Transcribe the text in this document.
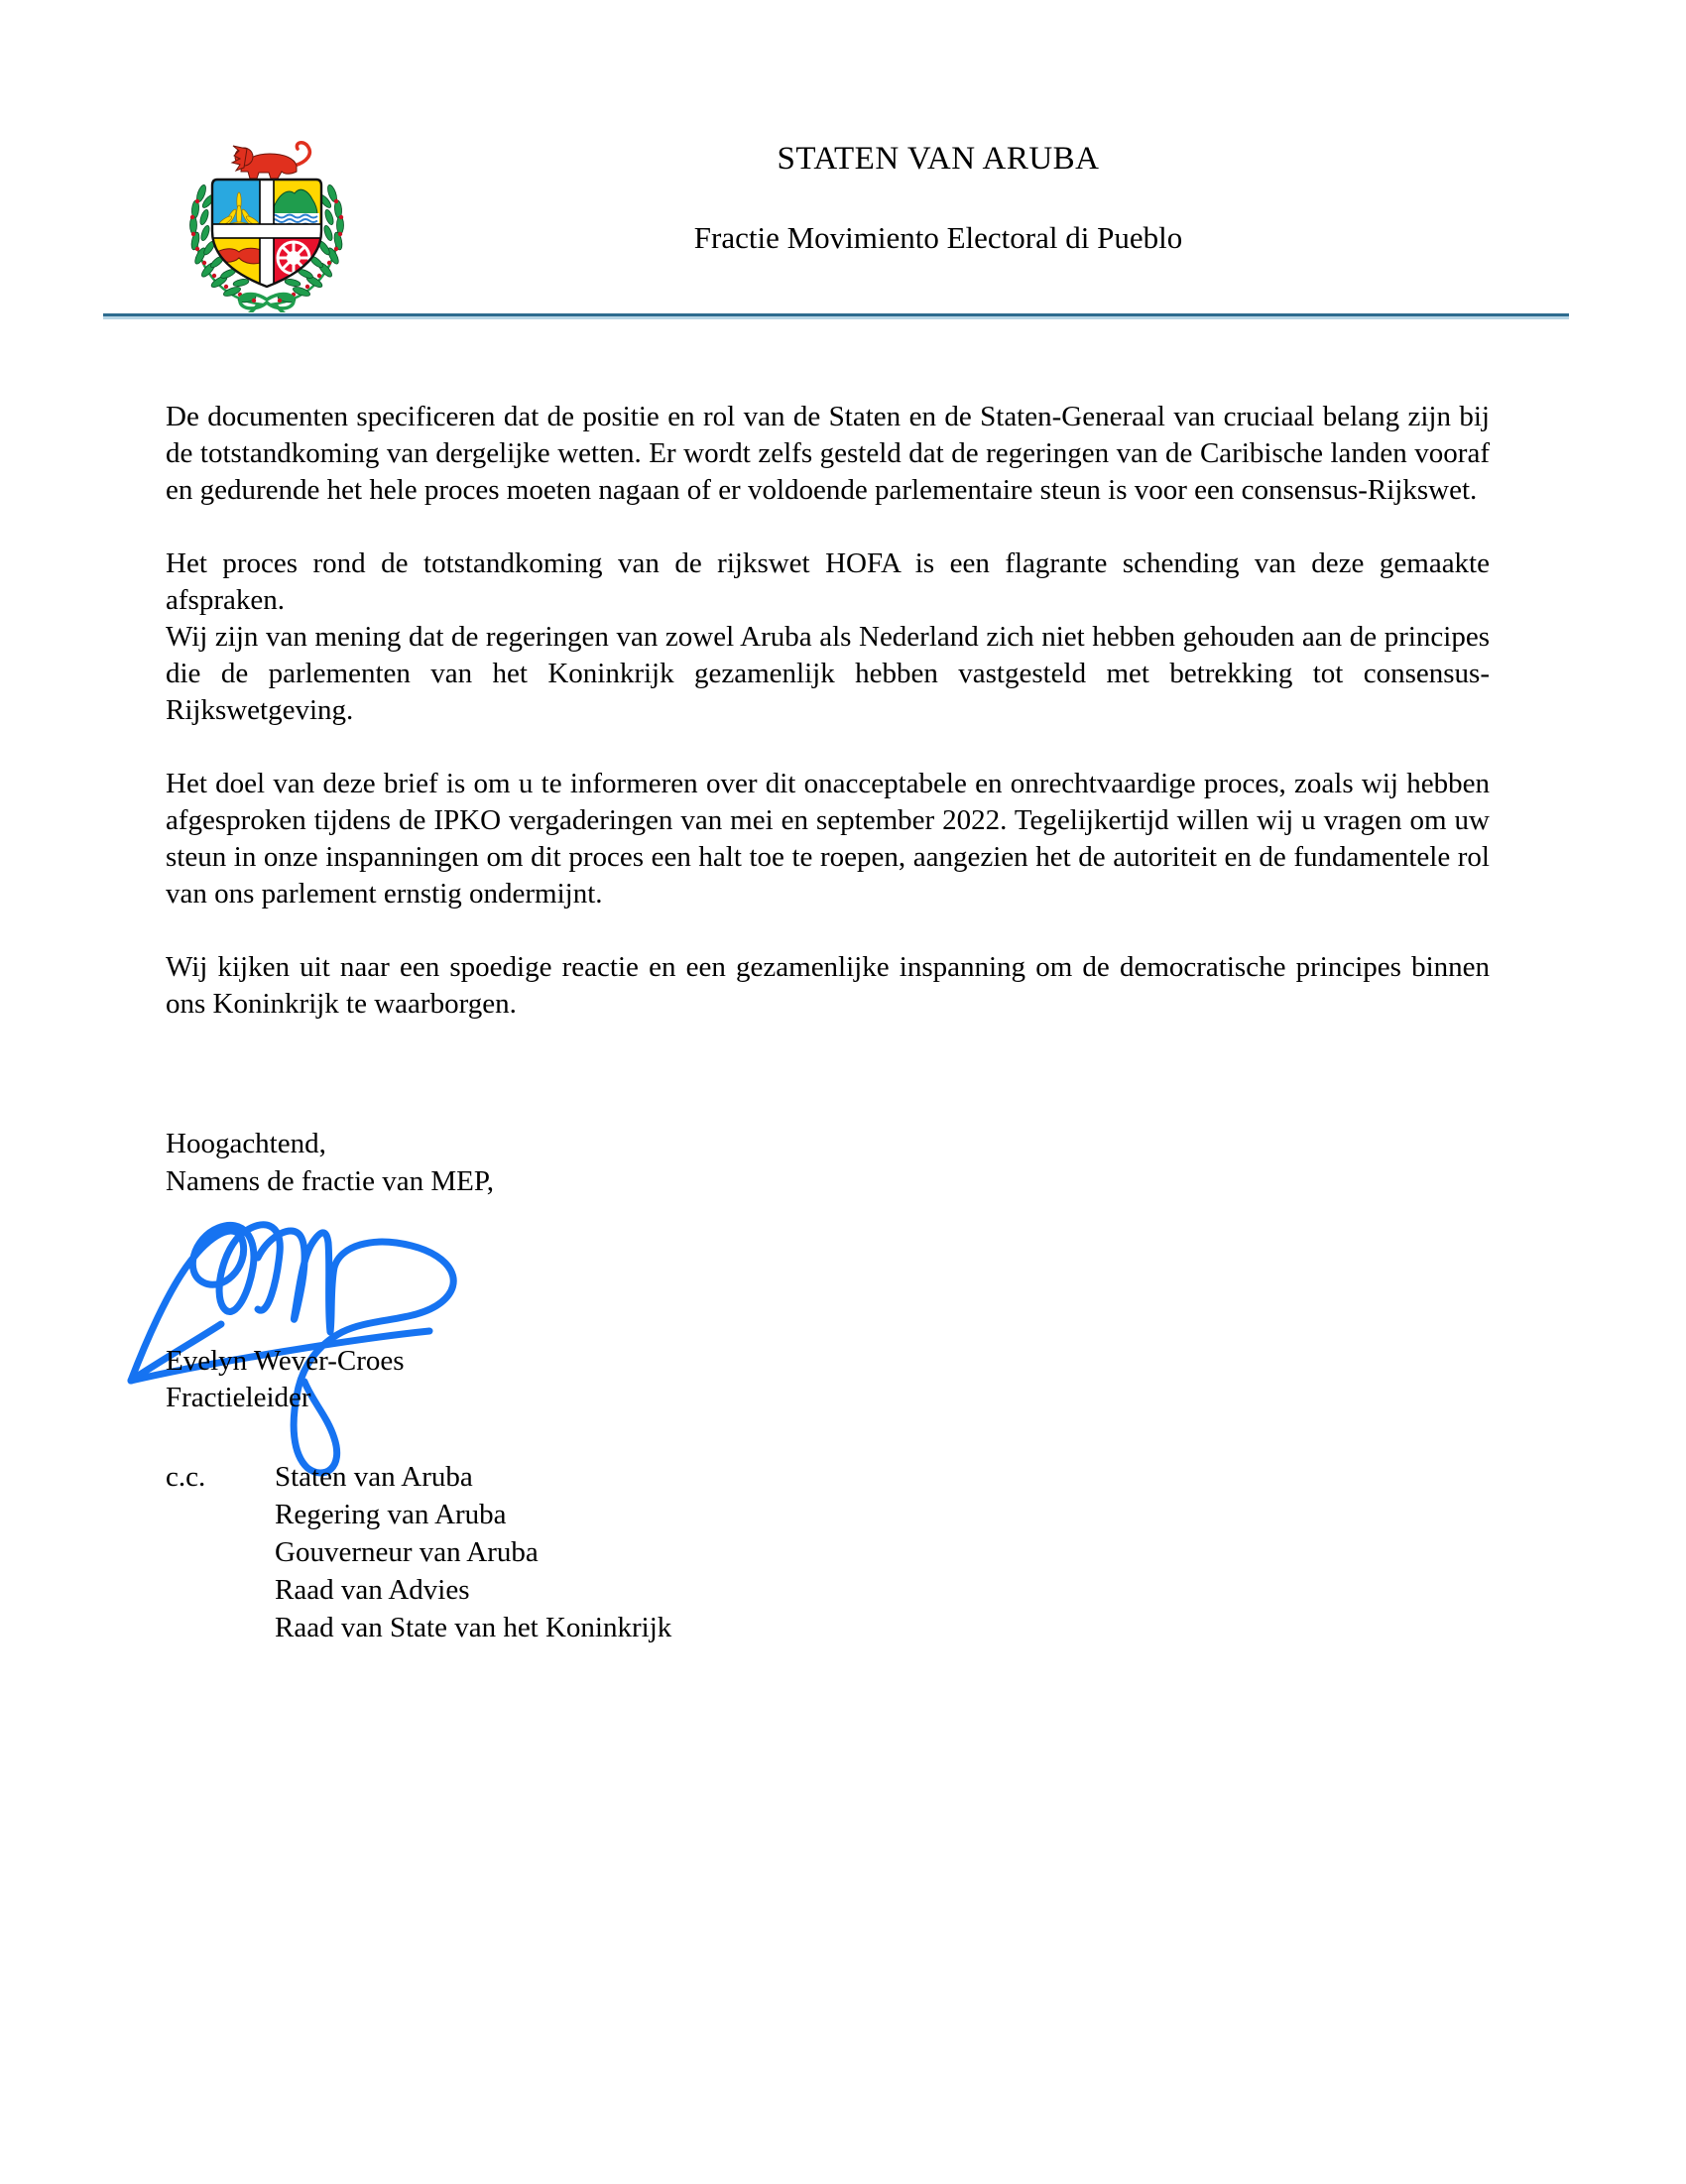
STATEN VAN ARUBA
Fractie Movimiento Electoral di Pueblo

De documenten specificeren dat de positie en rol van de Staten en de Staten-Generaal van cruciaal belang zijn bij de totstandkoming van dergelijke wetten. Er wordt zelfs gesteld dat de regeringen van de Caribische landen vooraf en gedurende het hele proces moeten nagaan of er voldoende parlementaire steun is voor een consensus-Rijkswet.

Het proces rond de totstandkoming van de rijkswet HOFA is een flagrante schending van deze gemaakte afspraken.

Wij zijn van mening dat de regeringen van zowel Aruba als Nederland zich niet hebben gehouden aan de principes die de parlementen van het Koninkrijk gezamenlijk hebben vastgesteld met betrekking tot consensus-Rijkswetgeving.

Het doel van deze brief is om u te informeren over dit onacceptabele en onrechtvaardige proces, zoals wij hebben afgesproken tijdens de IPKO vergaderingen van mei en september 2022. Tegelijkertijd willen wij u vragen om uw steun in onze inspanningen om dit proces een halt toe te roepen, aangezien het de autoriteit en de fundamentele rol van ons parlement ernstig ondermijnt.

Wij kijken uit naar een spoedige reactie en een gezamenlijke inspanning om de democratische principes binnen ons Koninkrijk te waarborgen.

Hoogachtend,
Namens de fractie van MEP,
Evelyn Wever-Croes
Fractieleider
c.c.	Staten van Aruba
Regering van Aruba
Gouverneur van Aruba
Raad van Advies
Raad van State van het Koninkrijk
